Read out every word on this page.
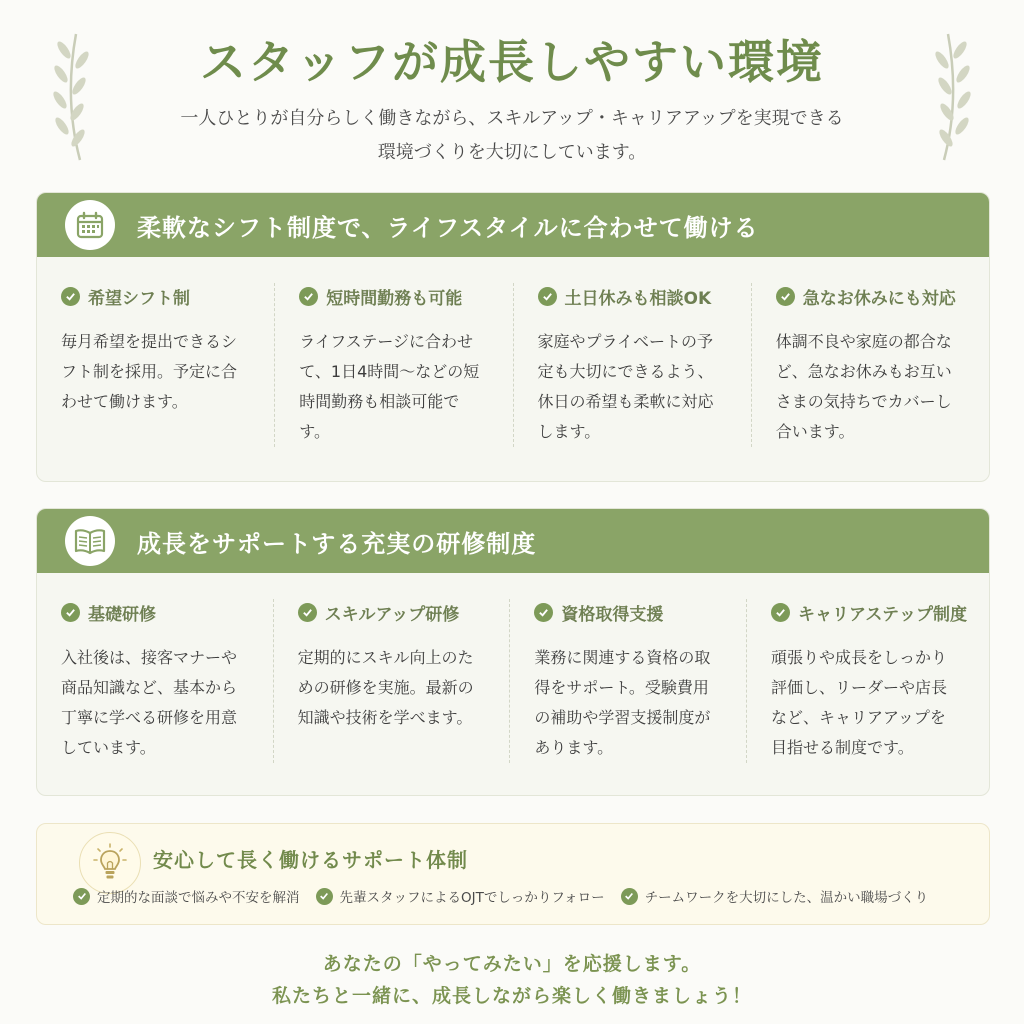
スタッフが成長しやすい環境
一人ひとりが自分らしく働きながら、スキルアップ・キャリアアップを実現できる
環境づくりを大切にしています。
柔軟なシフト制度で、ライフスタイルに合わせて働ける
希望シフト制
毎月希望を提出できるシフト制を採用。予定に合わせて働けます。
短時間勤務も可能
ライフステージに合わせて、1日4時間〜などの短時間勤務も相談可能です。
土日休みも相談OK
家庭やプライベートの予定も大切にできるよう、休日の希望も柔軟に対応します。
急なお休みにも対応
体調不良や家庭の都合など、急なお休みもお互いさまの気持ちでカバーし合います。
成長をサポートする充実の研修制度
基礎研修
入社後は、接客マナーや商品知識など、基本から丁寧に学べる研修を用意しています。
スキルアップ研修
定期的にスキル向上のための研修を実施。最新の知識や技術を学べます。
資格取得支援
業務に関連する資格の取得をサポート。受験費用の補助や学習支援制度があります。
キャリアステップ制度
頑張りや成長をしっかり評価し、リーダーや店長など、キャリアアップを目指せる制度です。
安心して長く働けるサポート体制
定期的な面談で悩みや不安を解消	先輩スタッフによるOJTでしっかりフォロー	チームワークを大切にした、温かい職場づくり
あなたの「やってみたい」を応援します。
私たちと一緒に、成長しながら楽しく働きましょう！
